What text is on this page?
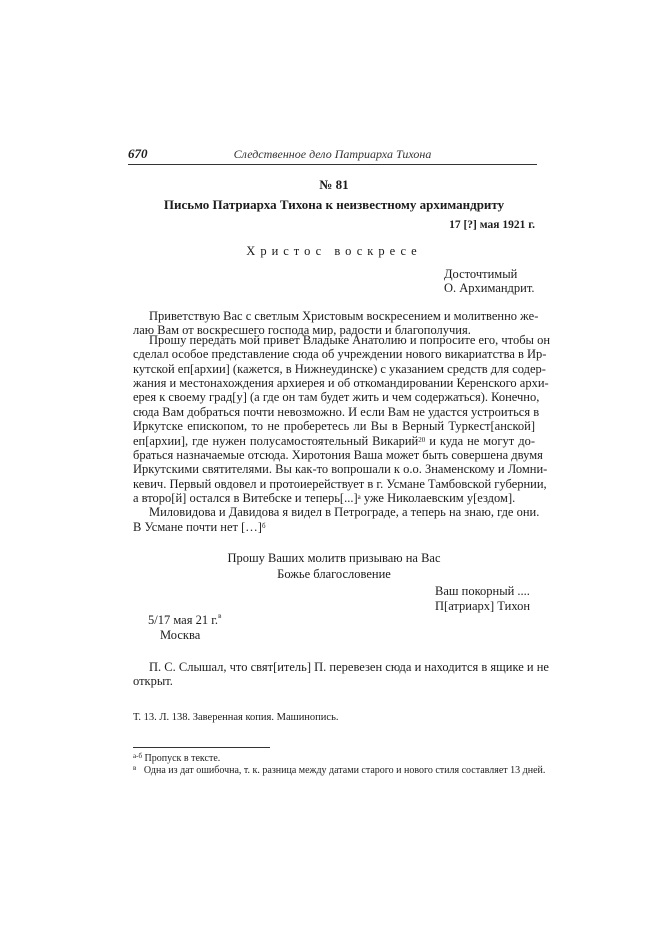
670	Следственное дело Патриарха Тихона
№ 81
Письмо Патриарха Тихона к неизвестному архимандриту
17 [?] мая 1921 г.
Христос воскресе
Досточтимый
О. Архимандрит.
Приветствую Вас с светлым Христовым воскресением и молитвенно же-
лаю Вам от воскресшего господа мир, радости и благополучия.
Прошу передать мой привет Владыке Анатолию и попросите его, чтобы он
сделал особое представление сюда об учреждении нового викариатства в Ир-
кутской еп[архии] (кажется, в Нижнеудинске) с указанием средств для содер-
жания и местонахождения архиерея и об откомандировании Керенского архи-
ерея к своему град[у] (а где он там будет жить и чем содержаться). Конечно,
сюда Вам добраться почти невозможно. И если Вам не удастся устроиться в
Иркутске епископом, то не проберетесь ли Вы в Верный Туркест[анской]
еп[архии], где нужен полусамостоятельный Викарий$^{20}$ и куда не могут до-
браться назначаемые отсюда. Хиротония Ваша может быть совершена двумя
Иркутскими святителями. Вы как-то вопрошали к о.о. Знаменскому и Ломни-
кевич. Первый овдовел и протоиерействует в г. Усмане Тамбовской губернии,
а второ[й] остался в Витебске и теперь[...]$^а$ уже Николаевским у[ездом].
Миловидова и Давидова я видел в Петрограде, а теперь на знаю, где они.
В Усмане почти нет […]$^б$
Прошу Ваших молитв призываю на Вас
Божье благословение
Ваш покорный ....
П[атриарх] Тихон
5/17 мая 21 г.$^в$
Москва
П. С. Слышал, что свят[итель] П. перевезен сюда и находится в ящике и не
открыт.
Т. 13. Л. 138. Заверенная копия. Машинопись.
$^{а-б}$ Пропуск в тексте.
$^в$ Одна из дат ошибочна, т. к. разница между датами старого и нового стиля составляет 13 дней.
